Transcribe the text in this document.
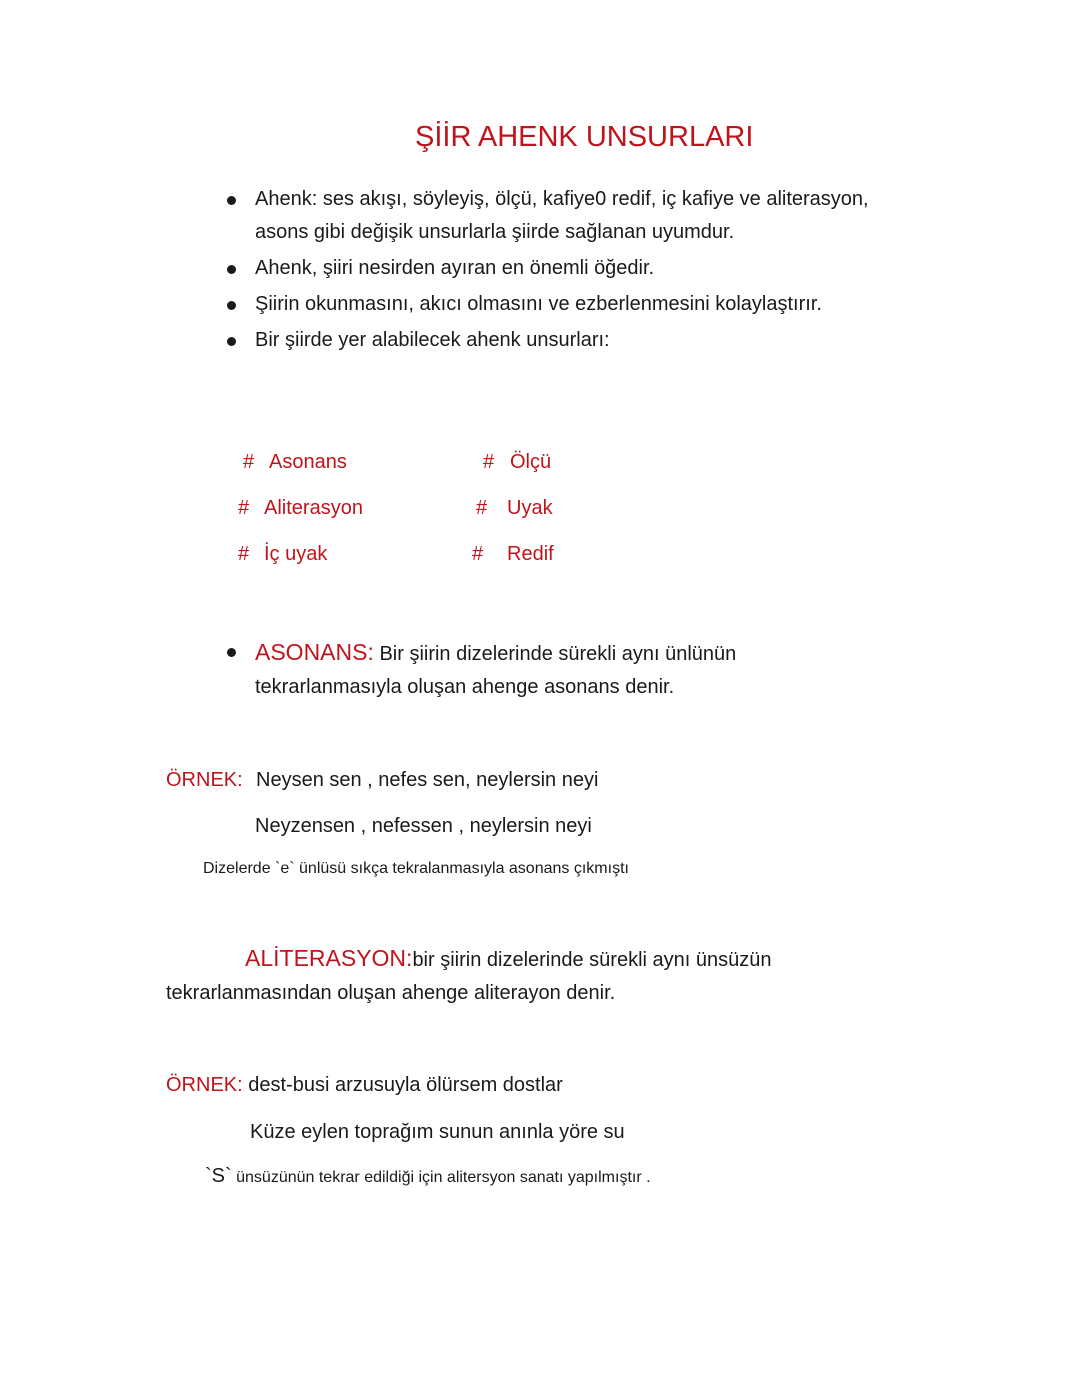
ŞİİR AHENK UNSURLARI
Ahenk: ses akışı, söyleyiş, ölçü, kafiye0 redif, iç kafiye ve aliterasyon, asons gibi değişik unsurlarla şiirde sağlanan uyumdur.
Ahenk, şiiri nesirden ayıran en önemli öğedir.
Şiirin okunmasını, akıcı olmasını ve ezberlenmesini kolaylaştırır.
Bir şiirde yer alabilecek ahenk unsurları:
# Asonans
# Aliterasyon
# İç uyak
# Ölçü
# Uyak
# Redif
ASONANS: Bir şiirin dizelerinde sürekli aynı ünlünün
tekrarlanmasıyla oluşan ahenge asonans denir.
ÖRNEK: Neysen sen , nefes sen, neylersin neyi
Neyzensen , nefessen , neylersin neyi
Dizelerde `e` ünlüsü sıkça tekralanmasıyla asonans çıkmıştı
ALİTERASYON:bir şiirin dizelerinde sürekli aynı ünsüzün
tekrarlanmasından oluşan ahenge aliterayon denir.
ÖRNEK: dest-busi arzusuyla ölürsem dostlar
Küze eylen toprağım sunun anınla yöre su
`S` ünsüzünün tekrar edildiği için alitersyon sanatı yapılmıştır .
